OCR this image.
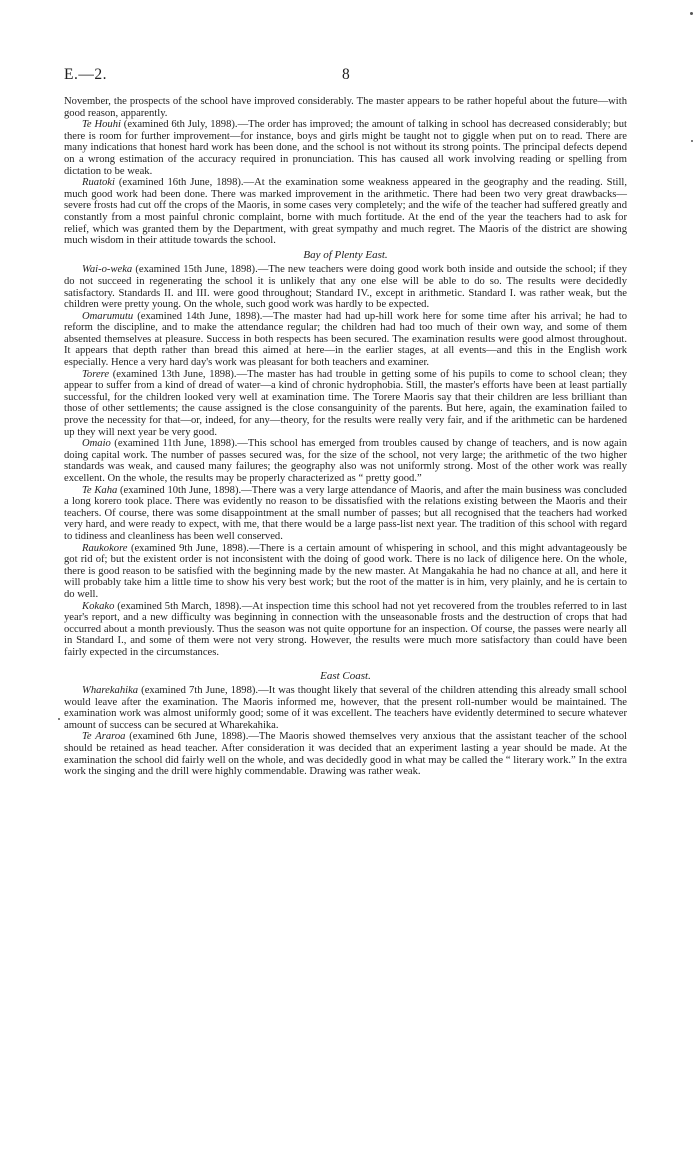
E.—2.	8

November, the prospects of the school have improved considerably. The master appears to be rather hopeful about the future—with good reason, apparently.

Te Houhi (examined 6th July, 1898).—The order has improved; the amount of talking in school has decreased considerably; but there is room for further improvement—for instance, boys and girls might be taught not to giggle when put on to read. There are many indications that honest hard work has been done, and the school is not without its strong points. The principal defects depend on a wrong estimation of the accuracy required in pronunciation. This has caused all work involving reading or spelling from dictation to be weak.

Ruatoki (examined 16th June, 1898).—At the examination some weakness appeared in the geography and the reading. Still, much good work had been done. There was marked improvement in the arithmetic. There had been two very great drawbacks—severe frosts had cut off the crops of the Maoris, in some cases very completely; and the wife of the teacher had suffered greatly and constantly from a most painful chronic complaint, borne with much fortitude. At the end of the year the teachers had to ask for relief, which was granted them by the Department, with great sympathy and much regret. The Maoris of the district are showing much wisdom in their attitude towards the school.

Bay of Plenty East.

Wai-o-weka (examined 15th June, 1898).—The new teachers were doing good work both inside and outside the school; if they do not succeed in regenerating the school it is unlikely that any one else will be able to do so. The results were decidedly satisfactory. Standards II. and III. were good throughout; Standard IV., except in arithmetic. Standard I. was rather weak, but the children were pretty young. On the whole, such good work was hardly to be expected.

Omarumutu (examined 14th June, 1898).—The master had had up-hill work here for some time after his arrival; he had to reform the discipline, and to make the attendance regular; the children had had too much of their own way, and some of them absented themselves at pleasure. Success in both respects has been secured. The examination results were good almost throughout. It appears that depth rather than bread this aimed at here—in the earlier stages, at all events—and this in the English work especially. Hence a very hard day's work was pleasant for both teachers and examiner.

Torere (examined 13th June, 1898).—The master has had trouble in getting some of his pupils to come to school clean; they appear to suffer from a kind of dread of water—a kind of chronic hydrophobia. Still, the master's efforts have been at least partially successful, for the children looked very well at examination time. The Torere Maoris say that their children are less brilliant than those of other settlements; the cause assigned is the close consanguinity of the parents. But here, again, the examination failed to prove the necessity for that—or, indeed, for any—theory, for the results were really very fair, and if the arithmetic can be hardened up they will next year be very good.

Omaio (examined 11th June, 1898).—This school has emerged from troubles caused by change of teachers, and is now again doing capital work. The number of passes secured was, for the size of the school, not very large; the arithmetic of the two higher standards was weak, and caused many failures; the geography also was not uniformly strong. Most of the other work was really excellent. On the whole, the results may be properly characterized as “ pretty good.”

Te Kaha (examined 10th June, 1898).—There was a very large attendance of Maoris, and after the main business was concluded a long korero took place. There was evidently no reason to be dissatisfied with the relations existing between the Maoris and their teachers. Of course, there was some disappointment at the small number of passes; but all recognised that the teachers had worked very hard, and were ready to expect, with me, that there would be a large pass-list next year. The tradition of this school with regard to tidiness and cleanliness has been well conserved.

Raukokore (examined 9th June, 1898).—There is a certain amount of whispering in school, and this might advantageously be got rid of; but the existent order is not inconsistent with the doing of good work. There is no lack of diligence here. On the whole, there is good reason to be satisfied with the beginning made by the new master. At Mangakahia he had no chance at all, and here it will probably take him a little time to show his very best work; but the root of the matter is in him, very plainly, and he is certain to do well.

Kokako (examined 5th March, 1898).—At inspection time this school had not yet recovered from the troubles referred to in last year's report, and a new difficulty was beginning in connection with the unseasonable frosts and the destruction of crops that had occurred about a month previously. Thus the season was not quite opportune for an inspection. Of course, the passes were nearly all in Standard I., and some of them were not very strong. However, the results were much more satisfactory than could have been fairly expected in the circumstances.

East Coast.

Wharekahika (examined 7th June, 1898).—It was thought likely that several of the children attending this already small school would leave after the examination. The Maoris informed me, however, that the present roll-number would be maintained. The examination work was almost uniformly good; some of it was excellent. The teachers have evidently determined to secure whatever amount of success can be secured at Wharekahika.

Te Araroa (examined 6th June, 1898).—The Maoris showed themselves very anxious that the assistant teacher of the school should be retained as head teacher. After consideration it was decided that an experiment lasting a year should be made. At the examination the school did fairly well on the whole, and was decidedly good in what may be called the “ literary work.” In the extra work the singing and the drill were highly commendable. Drawing was rather weak.
